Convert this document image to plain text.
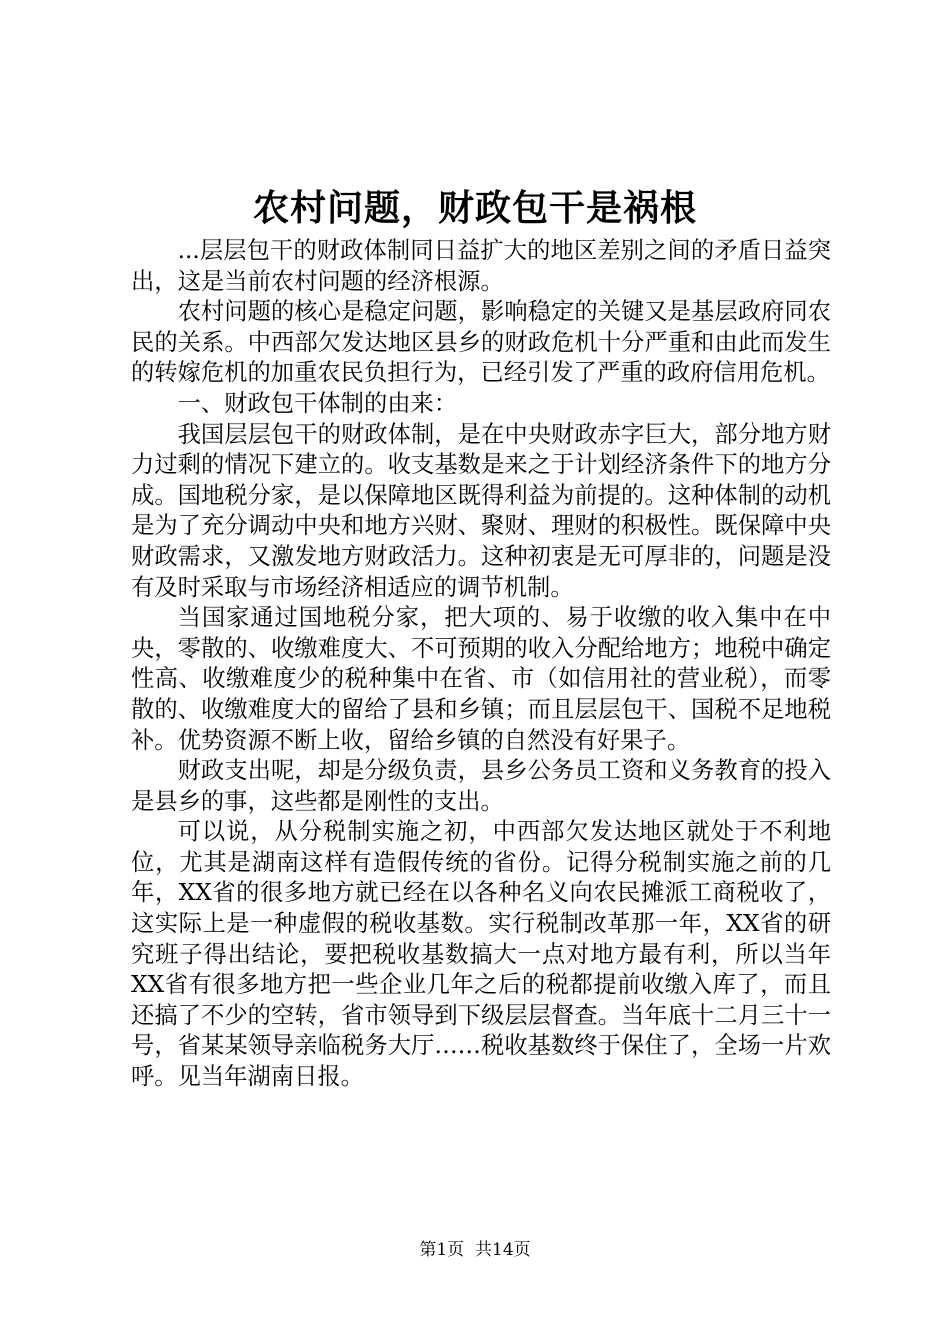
农村问题，财政包干是祸根

...层层包干的财政体制同日益扩大的地区差别之间的矛盾日益突出，这是当前农村问题的经济根源。

农村问题的核心是稳定问题，影响稳定的关键又是基层政府同农民的关系。中西部欠发达地区县乡的财政危机十分严重和由此而发生的转嫁危机的加重农民负担行为，已经引发了严重的政府信用危机。

一、财政包干体制的由来：

我国层层包干的财政体制，是在中央财政赤字巨大，部分地方财力过剩的情况下建立的。收支基数是来之于计划经济条件下的地方分成。国地税分家，是以保障地区既得利益为前提的。这种体制的动机是为了充分调动中央和地方兴财、聚财、理财的积极性。既保障中央财政需求，又激发地方财政活力。这种初衷是无可厚非的，问题是没有及时采取与市场经济相适应的调节机制。

当国家通过国地税分家，把大项的、易于收缴的收入集中在中央，零散的、收缴难度大、不可预期的收入分配给地方；地税中确定性高、收缴难度少的税种集中在省、市（如信用社的营业税），而零散的、收缴难度大的留给了县和乡镇；而且层层包干、国税不足地税补。优势资源不断上收，留给乡镇的自然没有好果子。

财政支出呢，却是分级负责，县乡公务员工资和义务教育的投入是县乡的事，这些都是刚性的支出。

可以说，从分税制实施之初，中西部欠发达地区就处于不利地位，尤其是湖南这样有造假传统的省份。记得分税制实施之前的几年，XX省的很多地方就已经在以各种名义向农民摊派工商税收了，这实际上是一种虚假的税收基数。实行税制改革那一年，XX省的研究班子得出结论，要把税收基数搞大一点对地方最有利，所以当年XX省有很多地方把一些企业几年之后的税都提前收缴入库了，而且还搞了不少的空转，省市领导到下级层层督查。当年底十二月三十一号，省某某领导亲临税务大厅……税收基数终于保住了，全场一片欢呼。见当年湖南日报。

第1页 共14页
